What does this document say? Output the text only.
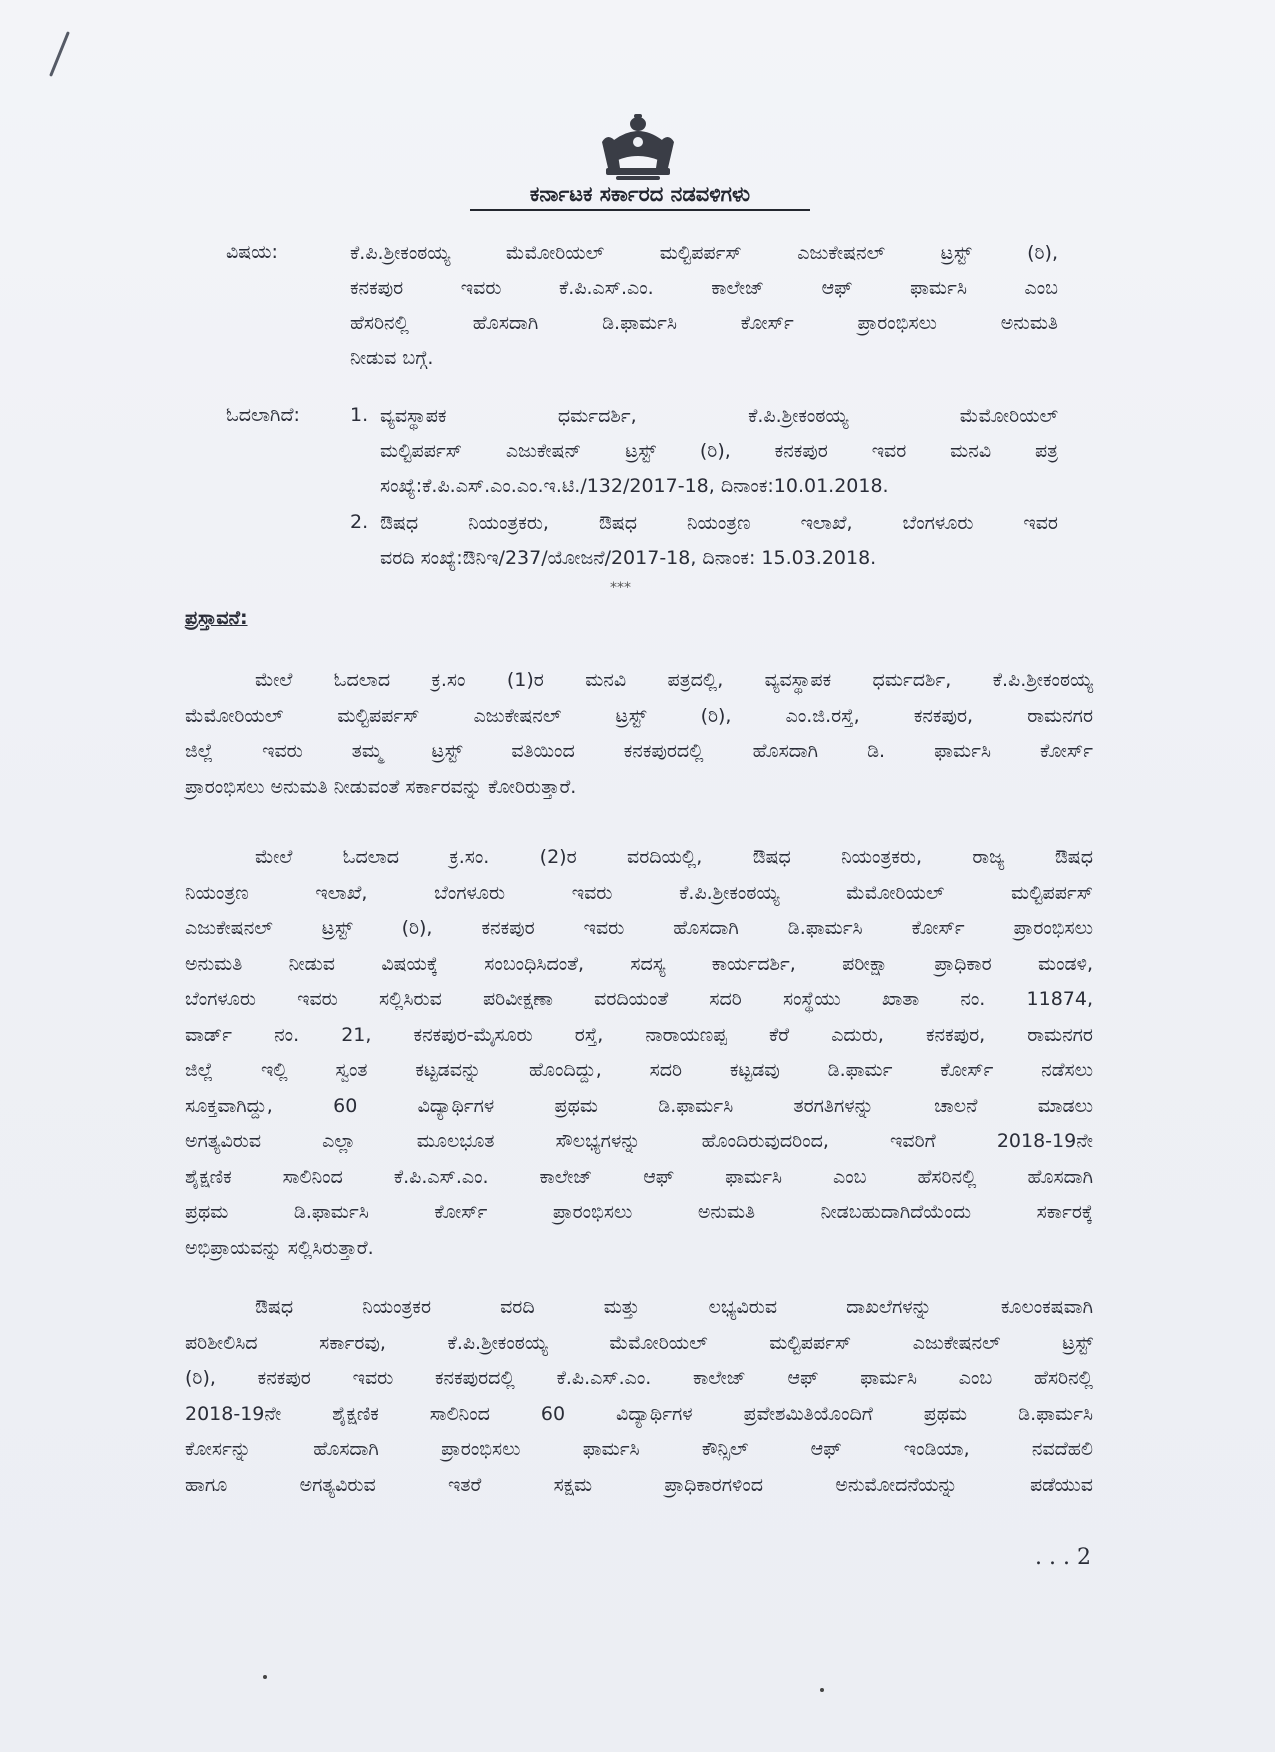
ಕರ್ನಾಟಕ ಸರ್ಕಾರದ ನಡವಳಿಗಳು
ವಿಷಯ:	ಕೆ.ಪಿ.ಶ್ರೀಕಂಠಯ್ಯ ಮೆಮೋರಿಯಲ್ ಮಲ್ಟಿಪರ್ಪಸ್ ಎಜುಕೇಷನಲ್ ಟ್ರಸ್ಟ್ (ರಿ),
ಕನಕಪುರ ಇವರು ಕೆ.ಪಿ.ಎಸ್.ಎಂ. ಕಾಲೇಜ್ ಆಫ್ ಫಾರ್ಮಸಿ ಎಂಬ
ಹೆಸರಿನಲ್ಲಿ ಹೊಸದಾಗಿ ಡಿ.ಫಾರ್ಮಸಿ ಕೋರ್ಸ್ ಪ್ರಾರಂಭಿಸಲು ಅನುಮತಿ
ನೀಡುವ ಬಗ್ಗೆ.
ಓದಲಾಗಿದೆ:	1. ವ್ಯವಸ್ಥಾಪಕ ಧರ್ಮದರ್ಶಿ, ಕೆ.ಪಿ.ಶ್ರೀಕಂಠಯ್ಯ ಮೆಮೋರಿಯಲ್
ಮಲ್ಟಿಪರ್ಪಸ್ ಎಜುಕೇಷನ್ ಟ್ರಸ್ಟ್ (ರಿ), ಕನಕಪುರ ಇವರ ಮನವಿ ಪತ್ರ
ಸಂಖ್ಯೆ:ಕೆ.ಪಿ.ಎಸ್.ಎಂ.ಎಂ.ಇ.ಟಿ./132/2017-18, ದಿನಾಂಕ:10.01.2018.
2. ಔಷಧ ನಿಯಂತ್ರಕರು, ಔಷಧ ನಿಯಂತ್ರಣ ಇಲಾಖೆ, ಬೆಂಗಳೂರು ಇವರ
ವರದಿ ಸಂಖ್ಯೆ:ಔನಿಇ/237/ಯೋಜನೆ/2017-18, ದಿನಾಂಕ: 15.03.2018.
***
ಪ್ರಸ್ತಾವನೆ:
ಮೇಲೆ ಓದಲಾದ ಕ್ರ.ಸಂ (1)ರ ಮನವಿ ಪತ್ರದಲ್ಲಿ, ವ್ಯವಸ್ಥಾಪಕ ಧರ್ಮದರ್ಶಿ, ಕೆ.ಪಿ.ಶ್ರೀಕಂಠಯ್ಯ
ಮೆಮೋರಿಯಲ್ ಮಲ್ಟಿಪರ್ಪಸ್ ಎಜುಕೇಷನಲ್ ಟ್ರಸ್ಟ್ (ರಿ), ಎಂ.ಜಿ.ರಸ್ತೆ, ಕನಕಪುರ, ರಾಮನಗರ
ಜಿಲ್ಲೆ ಇವರು ತಮ್ಮ ಟ್ರಸ್ಟ್ ವತಿಯಿಂದ ಕನಕಪುರದಲ್ಲಿ ಹೊಸದಾಗಿ ಡಿ. ಫಾರ್ಮಸಿ ಕೋರ್ಸ್
ಪ್ರಾರಂಭಿಸಲು ಅನುಮತಿ ನೀಡುವಂತೆ ಸರ್ಕಾರವನ್ನು ಕೋರಿರುತ್ತಾರೆ.
ಮೇಲೆ ಓದಲಾದ ಕ್ರ.ಸಂ. (2)ರ ವರದಿಯಲ್ಲಿ, ಔಷಧ ನಿಯಂತ್ರಕರು, ರಾಜ್ಯ ಔಷಧ
ನಿಯಂತ್ರಣ ಇಲಾಖೆ, ಬೆಂಗಳೂರು ಇವರು ಕೆ.ಪಿ.ಶ್ರೀಕಂಠಯ್ಯ ಮೆಮೋರಿಯಲ್ ಮಲ್ಟಿಪರ್ಪಸ್
ಎಜುಕೇಷನಲ್ ಟ್ರಸ್ಟ್ (ರಿ), ಕನಕಪುರ ಇವರು ಹೊಸದಾಗಿ ಡಿ.ಫಾರ್ಮಸಿ ಕೋರ್ಸ್ ಪ್ರಾರಂಭಿಸಲು
ಅನುಮತಿ ನೀಡುವ ವಿಷಯಕ್ಕೆ ಸಂಬಂಧಿಸಿದಂತೆ, ಸದಸ್ಯ ಕಾರ್ಯದರ್ಶಿ, ಪರೀಕ್ಷಾ ಪ್ರಾಧಿಕಾರ ಮಂಡಳಿ,
ಬೆಂಗಳೂರು ಇವರು ಸಲ್ಲಿಸಿರುವ ಪರಿವೀಕ್ಷಣಾ ವರದಿಯಂತೆ ಸದರಿ ಸಂಸ್ಥೆಯು ಖಾತಾ ನಂ. 11874,
ವಾರ್ಡ್ ನಂ. 21, ಕನಕಪುರ-ಮೈಸೂರು ರಸ್ತೆ, ನಾರಾಯಣಪ್ಪ ಕೆರೆ ಎದುರು, ಕನಕಪುರ, ರಾಮನಗರ
ಜಿಲ್ಲೆ ಇಲ್ಲಿ ಸ್ವಂತ ಕಟ್ಟಡವನ್ನು ಹೊಂದಿದ್ದು, ಸದರಿ ಕಟ್ಟಡವು ಡಿ.ಫಾರ್ಮ ಕೋರ್ಸ್ ನಡೆಸಲು
ಸೂಕ್ತವಾಗಿದ್ದು, 60 ವಿದ್ಯಾರ್ಥಿಗಳ ಪ್ರಥಮ ಡಿ.ಫಾರ್ಮಸಿ ತರಗತಿಗಳನ್ನು ಚಾಲನೆ ಮಾಡಲು
ಅಗತ್ಯವಿರುವ ಎಲ್ಲಾ ಮೂಲಭೂತ ಸೌಲಭ್ಯಗಳನ್ನು ಹೊಂದಿರುವುದರಿಂದ, ಇವರಿಗೆ 2018-19ನೇ
ಶೈಕ್ಷಣಿಕ ಸಾಲಿನಿಂದ ಕೆ.ಪಿ.ಎಸ್.ಎಂ. ಕಾಲೇಜ್ ಆಫ್ ಫಾರ್ಮಸಿ ಎಂಬ ಹೆಸರಿನಲ್ಲಿ ಹೊಸದಾಗಿ
ಪ್ರಥಮ ಡಿ.ಫಾರ್ಮಸಿ ಕೋರ್ಸ್ ಪ್ರಾರಂಭಿಸಲು ಅನುಮತಿ ನೀಡಬಹುದಾಗಿದೆಯೆಂದು ಸರ್ಕಾರಕ್ಕೆ
ಅಭಿಪ್ರಾಯವನ್ನು ಸಲ್ಲಿಸಿರುತ್ತಾರೆ.
ಔಷಧ ನಿಯಂತ್ರಕರ ವರದಿ ಮತ್ತು ಲಭ್ಯವಿರುವ ದಾಖಲೆಗಳನ್ನು ಕೂಲಂಕಷವಾಗಿ
ಪರಿಶೀಲಿಸಿದ ಸರ್ಕಾರವು, ಕೆ.ಪಿ.ಶ್ರೀಕಂಠಯ್ಯ ಮೆಮೋರಿಯಲ್ ಮಲ್ಟಿಪರ್ಪಸ್ ಎಜುಕೇಷನಲ್ ಟ್ರಸ್ಟ್
(ರಿ), ಕನಕಪುರ ಇವರು ಕನಕಪುರದಲ್ಲಿ ಕೆ.ಪಿ.ಎಸ್.ಎಂ. ಕಾಲೇಜ್ ಆಫ್ ಫಾರ್ಮಸಿ ಎಂಬ ಹೆಸರಿನಲ್ಲಿ
2018-19ನೇ ಶೈಕ್ಷಣಿಕ ಸಾಲಿನಿಂದ 60 ವಿದ್ಯಾರ್ಥಿಗಳ ಪ್ರವೇಶಮಿತಿಯೊಂದಿಗೆ ಪ್ರಥಮ ಡಿ.ಫಾರ್ಮಸಿ
ಕೋರ್ಸನ್ನು ಹೊಸದಾಗಿ ಪ್ರಾರಂಭಿಸಲು ಫಾರ್ಮಸಿ ಕೌನ್ಸಿಲ್ ಆಫ್ ಇಂಡಿಯಾ, ನವದೆಹಲಿ
ಹಾಗೂ ಅಗತ್ಯವಿರುವ ಇತರೆ ಸಕ್ಷಮ ಪ್ರಾಧಿಕಾರಗಳಿಂದ ಅನುಮೋದನೆಯನ್ನು ಪಡೆಯುವ
. . . 2
